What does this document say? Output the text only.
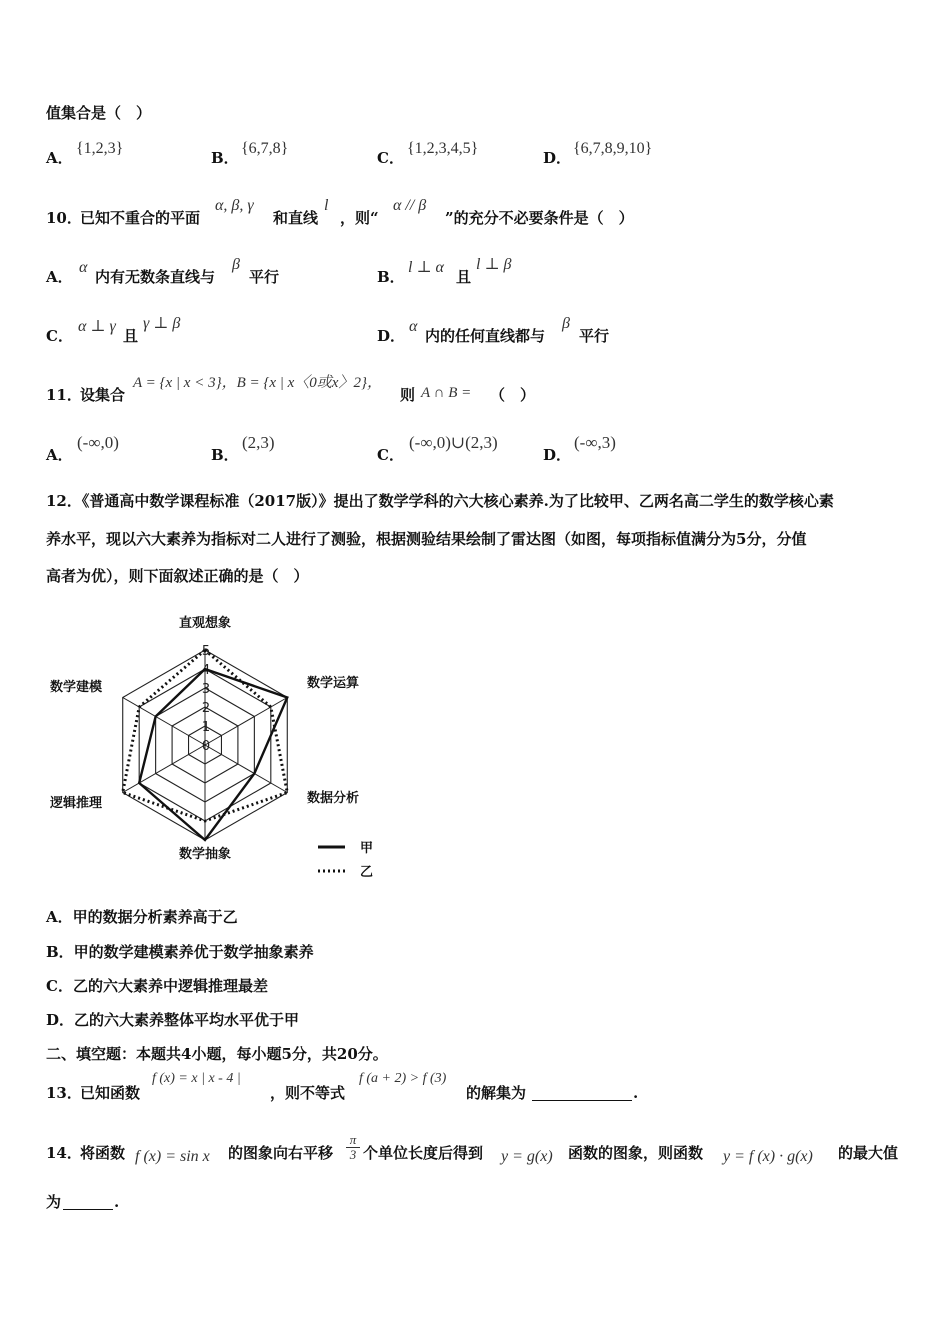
值集合是（　）
A．
{1,2,3}
B．
{6,7,8}
C．
{1,2,3,4,5}
D．
{6,7,8,9,10}
10．
已知不重合的平面
α, β, γ
和直线
l
，则“
α // β
”的充分不必要条件是（　）
A．
α
内有无数条直线与
β
平行	B．
l ⊥ α
且
l ⊥ β
C．
α ⊥ γ
且
γ ⊥ β
D．
α
内的任何直线都与
β
平行
11．
设集合
A = {x | x < 3}，B = {x | x〈0或x〉2}，
则 A ∩ B = （　）
A．
(-∞,0)
B．
(2,3)
C．
(-∞,0)∪(2,3)
D．
(-∞,3)
12．《普通高中数学课程标准（2017版）》提出了数学学科的六大核心素养.为了比较甲、乙两名高二学生的数学核心素
养水平，现以六大素养为指标对二人进行了测验，根据测验结果绘制了雷达图（如图，每项指标值满分为5分，分值
高者为优），则下面叙述正确的是（　）
0
1
2
3
4
5
直观想象
数学运算
数据分析
数学抽象
逻辑推理
数学建模
甲
乙
A．甲的数据分析素养高于乙
B．甲的数学建模素养优于数学抽象素养
C．乙的六大素养中逻辑推理最差
D．乙的六大素养整体平均水平优于甲
二、填空题：本题共4小题，每小题5分，共20分。
13．
已知函数
f (x) = x | x - 4 |
，则不等式
f (a + 2) > f (3)
的解集为	.
14．
将函数 f (x) = sin x 的图象向右平移 $\frac{\pi}{3}$ 个单位长度后得到 y = g(x) 函数的图象，则函数 y = f (x) · g(x) 的最大值
为	.
